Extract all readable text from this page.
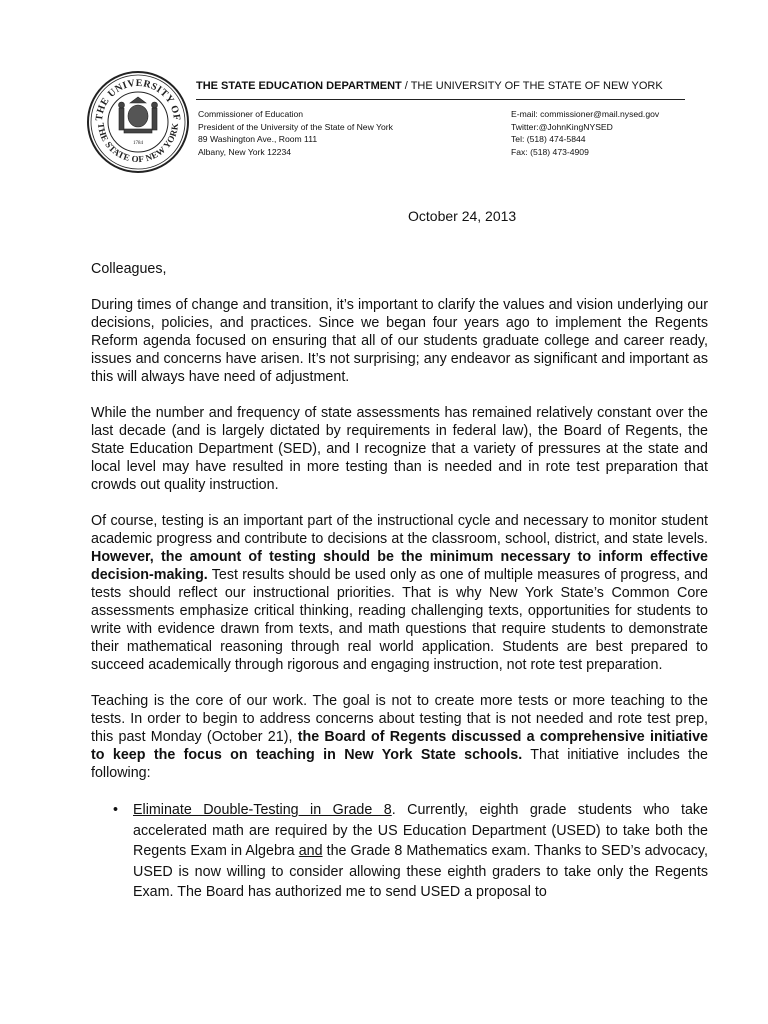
THE UNIVERSITY OF
THE STATE OF NEW YORK
1784
THE STATE EDUCATION DEPARTMENT / THE UNIVERSITY OF THE STATE OF NEW YORK
Commissioner of Education
President of the University of the State of New York
89 Washington Ave., Room 111
Albany, New York 12234
E-mail: commissioner@mail.nysed.gov
Twitter:@JohnKingNYSED
Tel: (518) 474-5844
Fax: (518) 473-4909
October 24, 2013

Colleagues,

During times of change and transition, it’s important to clarify the values and vision underlying our decisions, policies, and practices. Since we began four years ago to implement the Regents Reform agenda focused on ensuring that all of our students graduate college and career ready, issues and concerns have arisen. It’s not surprising; any endeavor as significant and important as this will always have need of adjustment.

While the number and frequency of state assessments has remained relatively constant over the last decade (and is largely dictated by requirements in federal law), the Board of Regents, the State Education Department (SED), and I recognize that a variety of pressures at the state and local level may have resulted in more testing than is needed and in rote test preparation that crowds out quality instruction.

Of course, testing is an important part of the instructional cycle and necessary to monitor student academic progress and contribute to decisions at the classroom, school, district, and state levels. However, the amount of testing should be the minimum necessary to inform effective decision-making. Test results should be used only as one of multiple measures of progress, and tests should reflect our instructional priorities. That is why New York State’s Common Core assessments emphasize critical thinking, reading challenging texts, opportunities for students to write with evidence drawn from texts, and math questions that require students to demonstrate their mathematical reasoning through real world application. Students are best prepared to succeed academically through rigorous and engaging instruction, not rote test preparation.

Teaching is the core of our work. The goal is not to create more tests or more teaching to the tests. In order to begin to address concerns about testing that is not needed and rote test prep, this past Monday (October 21), the Board of Regents discussed a comprehensive initiative to keep the focus on teaching in New York State schools. That initiative includes the following:

• Eliminate Double-Testing in Grade 8. Currently, eighth grade students who take accelerated math are required by the US Education Department (USED) to take both the Regents Exam in Algebra and the Grade 8 Mathematics exam. Thanks to SED’s advocacy, USED is now willing to consider allowing these eighth graders to take only the Regents Exam. The Board has authorized me to send USED a proposal to
